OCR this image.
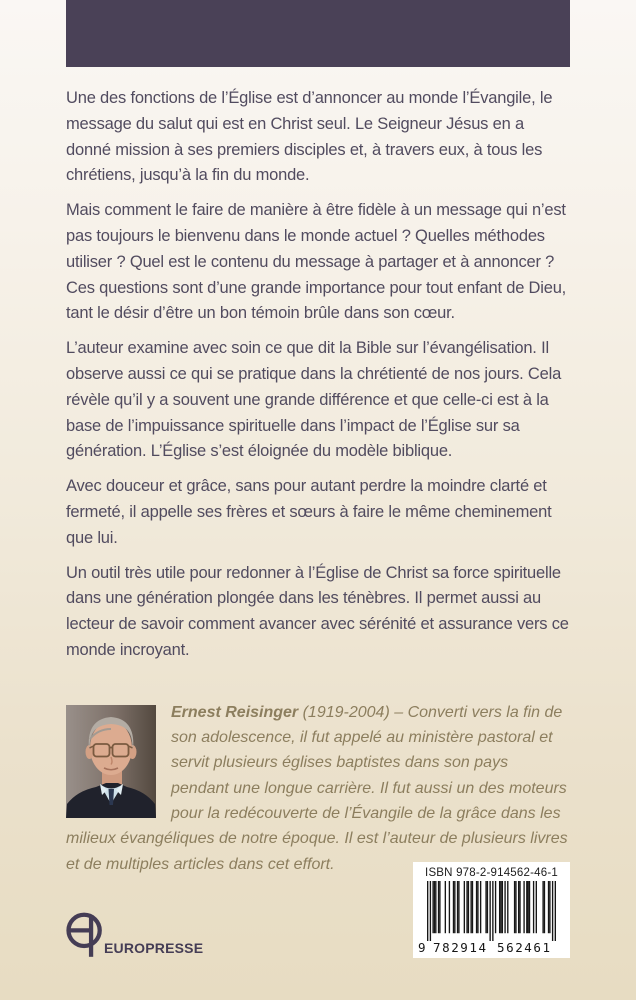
Une des fonctions de l’Église est d’annoncer au monde l’Évangile, le message du salut qui est en Christ seul. Le Seigneur Jésus en a donné mission à ses premiers disciples et, à travers eux, à tous les chrétiens, jusqu’à la fin du monde.

Mais comment le faire de manière à être fidèle à un message qui n’est pas toujours le bienvenu dans le monde actuel ? Quelles méthodes utiliser ? Quel est le contenu du message à partager et à annoncer ? Ces questions sont d’une grande importance pour tout enfant de Dieu, tant le désir d’être un bon témoin brûle dans son cœur.

L’auteur examine avec soin ce que dit la Bible sur l’évangélisation. Il observe aussi ce qui se pratique dans la chrétienté de nos jours. Cela révèle qu’il y a souvent une grande différence et que celle-ci est à la base de l’impuissance spirituelle dans l’impact de l’Église sur sa génération. L’Église s’est éloignée du modèle biblique.

Avec douceur et grâce, sans pour autant perdre la moindre clarté et fermeté, il appelle ses frères et sœurs à faire le même cheminement que lui.

Un outil très utile pour redonner à l’Église de Christ sa force spirituelle dans une génération plongée dans les ténèbres. Il permet aussi au lecteur de savoir comment avancer avec sérénité et assurance vers ce monde incroyant.

Ernest Reisinger (1919-2004) – Converti vers la fin de son adolescence, il fut appelé au ministère pastoral et servit plusieurs églises baptistes dans son pays pendant une longue carrière. Il fut aussi un des moteurs pour la redécouverte de l’Évangile de la grâce dans les milieux évangéliques de notre époque. Il est l’auteur de plusieurs livres et de multiples articles dans cet effort.
EUROPRESSE
ISBN 978-2-914562-46-1
9 7 8 2 9 1 4 5 6 2 4 6 1
